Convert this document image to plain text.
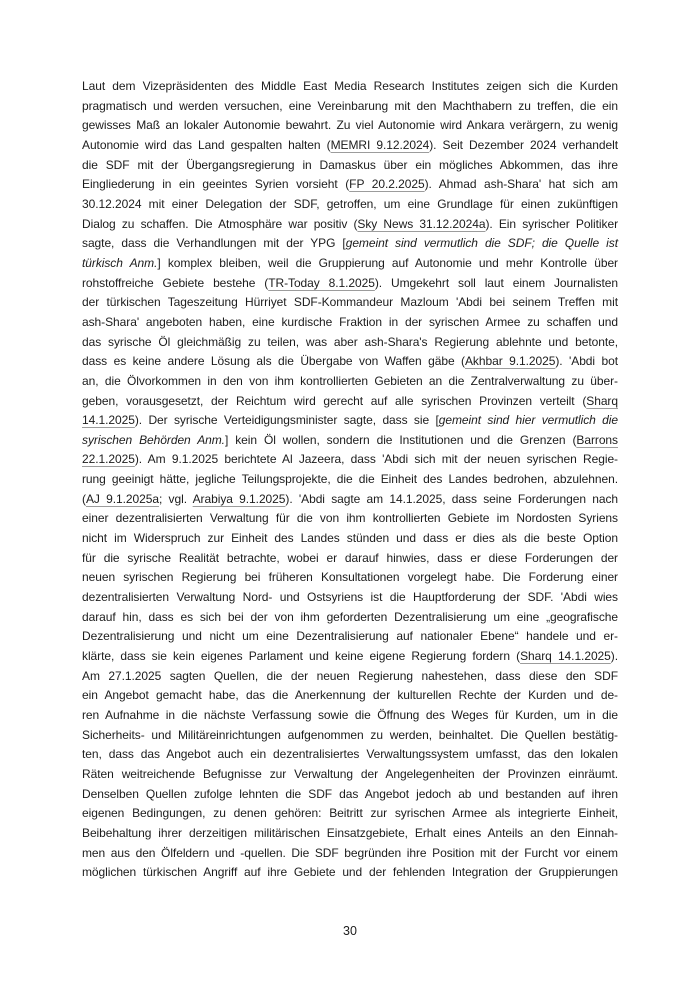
Laut dem Vizepräsidenten des Middle East Media Research Institutes zeigen sich die Kurden
pragmatisch und werden versuchen, eine Vereinbarung mit den Machthabern zu treffen, die ein
gewisses Maß an lokaler Autonomie bewahrt. Zu viel Autonomie wird Ankara verärgern, zu wenig
Autonomie wird das Land gespalten halten (MEMRI 9.12.2024). Seit Dezember 2024 verhandelt
die SDF mit der Übergangsregierung in Damaskus über ein mögliches Abkommen, das ihre
Eingliederung in ein geeintes Syrien vorsieht (FP 20.2.2025). Ahmad ash-Shara' hat sich am
30.12.2024 mit einer Delegation der SDF, getroffen, um eine Grundlage für einen zukünftigen
Dialog zu schaffen. Die Atmosphäre war positiv (Sky News 31.12.2024a). Ein syrischer Politiker
sagte, dass die Verhandlungen mit der YPG [gemeint sind vermutlich die SDF; die Quelle ist
türkisch Anm.] komplex bleiben, weil die Gruppierung auf Autonomie und mehr Kontrolle über
rohstoffreiche Gebiete bestehe (TR-Today 8.1.2025). Umgekehrt soll laut einem Journalisten
der türkischen Tageszeitung Hürriyet SDF-Kommandeur Mazloum 'Abdi bei seinem Treffen mit
ash-Shara' angeboten haben, eine kurdische Fraktion in der syrischen Armee zu schaffen und
das syrische Öl gleichmäßig zu teilen, was aber ash-Shara's Regierung ablehnte und betonte,
dass es keine andere Lösung als die Übergabe von Waffen gäbe (Akhbar 9.1.2025). 'Abdi bot
an, die Ölvorkommen in den von ihm kontrollierten Gebieten an die Zentralverwaltung zu über-
geben, vorausgesetzt, der Reichtum wird gerecht auf alle syrischen Provinzen verteilt (Sharq
14.1.2025). Der syrische Verteidigungsminister sagte, dass sie [gemeint sind hier vermutlich die
syrischen Behörden Anm.] kein Öl wollen, sondern die Institutionen und die Grenzen (Barrons
22.1.2025). Am 9.1.2025 berichtete Al Jazeera, dass 'Abdi sich mit der neuen syrischen Regie-
rung geeinigt hätte, jegliche Teilungsprojekte, die die Einheit des Landes bedrohen, abzulehnen.
(AJ 9.1.2025a; vgl. Arabiya 9.1.2025). 'Abdi sagte am 14.1.2025, dass seine Forderungen nach
einer dezentralisierten Verwaltung für die von ihm kontrollierten Gebiete im Nordosten Syriens
nicht im Widerspruch zur Einheit des Landes stünden und dass er dies als die beste Option
für die syrische Realität betrachte, wobei er darauf hinwies, dass er diese Forderungen der
neuen syrischen Regierung bei früheren Konsultationen vorgelegt habe. Die Forderung einer
dezentralisierten Verwaltung Nord- und Ostsyriens ist die Hauptforderung der SDF. 'Abdi wies
darauf hin, dass es sich bei der von ihm geforderten Dezentralisierung um eine „geografische
Dezentralisierung und nicht um eine Dezentralisierung auf nationaler Ebene“ handele und er-
klärte, dass sie kein eigenes Parlament und keine eigene Regierung fordern (Sharq 14.1.2025).
Am 27.1.2025 sagten Quellen, die der neuen Regierung nahestehen, dass diese den SDF
ein Angebot gemacht habe, das die Anerkennung der kulturellen Rechte der Kurden und de-
ren Aufnahme in die nächste Verfassung sowie die Öffnung des Weges für Kurden, um in die
Sicherheits- und Militäreinrichtungen aufgenommen zu werden, beinhaltet. Die Quellen bestätig-
ten, dass das Angebot auch ein dezentralisiertes Verwaltungssystem umfasst, das den lokalen
Räten weitreichende Befugnisse zur Verwaltung der Angelegenheiten der Provinzen einräumt.
Denselben Quellen zufolge lehnten die SDF das Angebot jedoch ab und bestanden auf ihren
eigenen Bedingungen, zu denen gehören: Beitritt zur syrischen Armee als integrierte Einheit,
Beibehaltung ihrer derzeitigen militärischen Einsatzgebiete, Erhalt eines Anteils an den Einnah-
men aus den Ölfeldern und -quellen. Die SDF begründen ihre Position mit der Furcht vor einem
möglichen türkischen Angriff auf ihre Gebiete und der fehlenden Integration der Gruppierungen
30
